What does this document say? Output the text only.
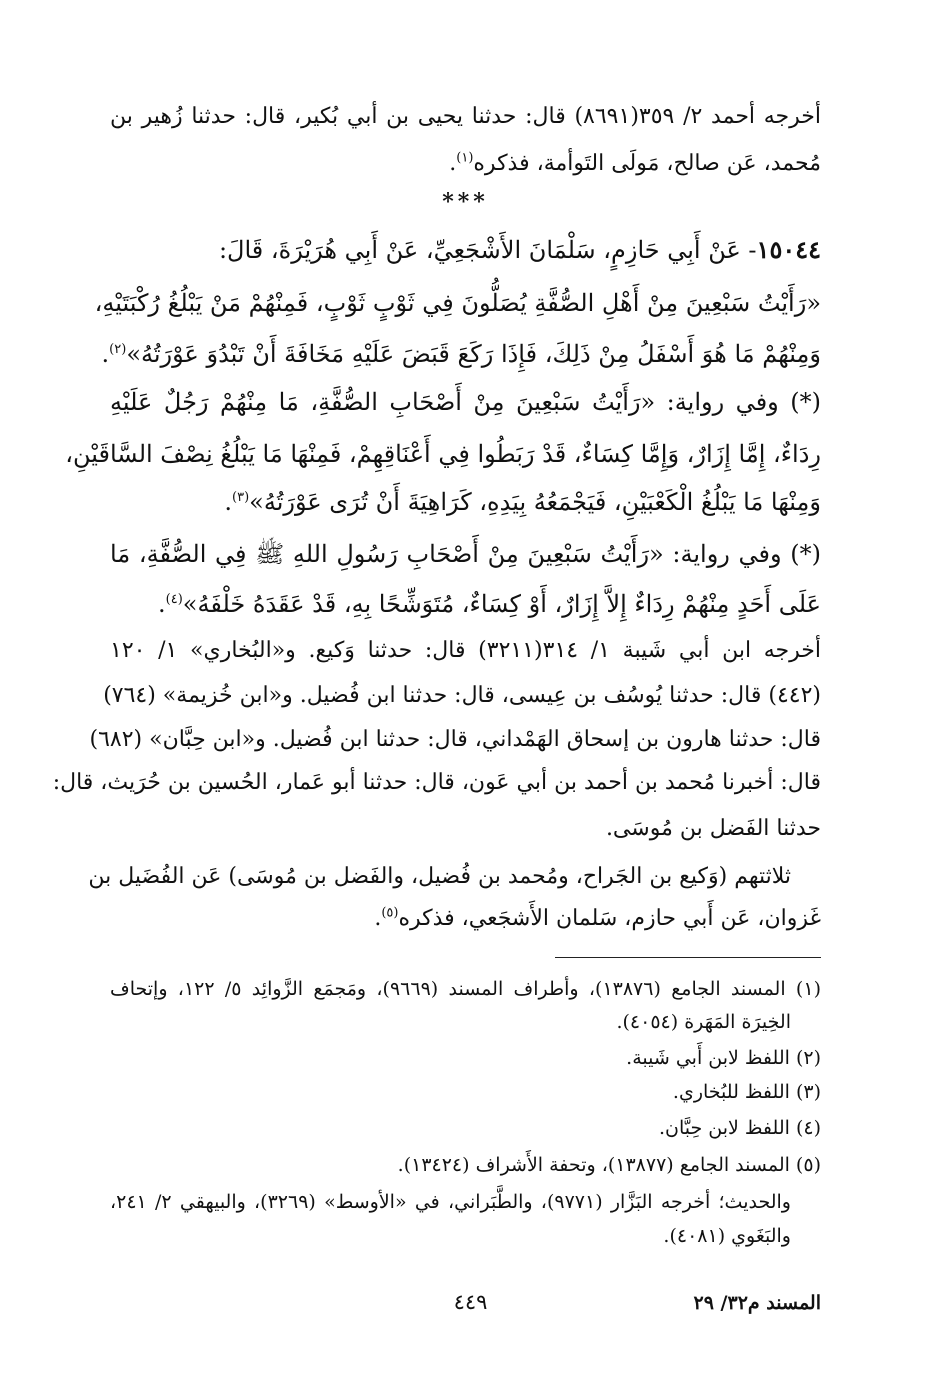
أخرجه أحمد ٢/ ٣٥٩(٨٦٩١) قال: حدثنا يحيى بن أبي بُكير، قال: حدثنا زُهير بن
مُحمد، عَن صالح، مَولَى التَوأمة، فذكره$^{(١)}$.
***
١٥٠٤٤- عَنْ أَبِي حَازِمٍ، سَلْمَانَ الأَشْجَعِيِّ، عَنْ أَبِي هُرَيْرَةَ، قَالَ:
«رَأَيْتُ سَبْعِينَ مِنْ أَهْلِ الصُّفَّةِ يُصَلُّونَ فِي ثَوْبٍ ثَوْبٍ، فَمِنْهُمْ مَنْ يَبْلُغُ رُكْبَتَيْهِ،
وَمِنْهُمْ مَا هُوَ أَسْفَلُ مِنْ ذَلِكَ، فَإِذَا رَكَعَ قَبَضَ عَلَيْهِ مَخَافَةَ أَنْ تَبْدُوَ عَوْرَتُهُ»$^{(٢)}$.
(*) وفي رواية: «رَأَيْتُ سَبْعِينَ مِنْ أَصْحَابِ الصُّفَّةِ، مَا مِنْهُمْ رَجُلٌ عَلَيْهِ
رِدَاءٌ، إِمَّا إِزَارٌ، وَإِمَّا كِسَاءٌ، قَدْ رَبَطُوا فِي أَعْنَاقِهِمْ، فَمِنْهَا مَا يَبْلُغُ نِصْفَ السَّاقَيْنِ،
وَمِنْهَا مَا يَبْلُغُ الْكَعْبَيْنِ، فَيَجْمَعُهُ بِيَدِهِ، كَرَاهِيَةَ أَنْ تُرَى عَوْرَتُهُ»$^{(٣)}$.
(*) وفي رواية: «رَأَيْتُ سَبْعِينَ مِنْ أَصْحَابِ رَسُولِ اللهِ ﷺ فِي الصُّفَّةِ، مَا
عَلَى أَحَدٍ مِنْهُمْ رِدَاءٌ إِلاَّ إِزَارٌ، أَوْ كِسَاءٌ، مُتَوَشِّحًا بِهِ، قَدْ عَقَدَهُ خَلْفَهُ»$^{(٤)}$.
أخرجه ابن أبي شَيبة ١/ ٣١٤(٣٢١١) قال: حدثنا وَكيع. و«البُخاري» ١/ ١٢٠
(٤٤٢) قال: حدثنا يُوسُف بن عِيسى، قال: حدثنا ابن فُضيل. و«ابن خُزيمة» (٧٦٤)
قال: حدثنا هارون بن إسحاق الهَمْداني، قال: حدثنا ابن فُضيل. و«ابن حِبَّان» (٦٨٢)
قال: أخبرنا مُحمد بن أحمد بن أبي عَون، قال: حدثنا أبو عَمار، الحُسين بن حُرَيث، قال:
حدثنا الفَضل بن مُوسَى.
ثلاثتهم (وَكيع بن الجَراح، ومُحمد بن فُضيل، والفَضل بن مُوسَى) عَن الفُضَيل بن
غَزوان، عَن أَبي حازم، سَلمان الأَشجَعي، فذكره$^{(٥)}$.
(١) المسند الجامع (١٣٨٧٦)، وأطراف المسند (٩٦٦٩)، ومَجمَع الزَّوائِد ٥/ ١٢٢، وإتحاف
الخِيرَة المَهَرة (٤٠٥٤).
(٢) اللفظ لابن أَبي شَيبة.
(٣) اللفظ للبُخاري.
(٤) اللفظ لابن حِبَّان.
(٥) المسند الجامع (١٣٨٧٧)، وتحفة الأَشراف (١٣٤٢٤).
والحديث؛ أخرجه البَزَّار (٩٧٧١)، والطَّبَراني، في «الأوسط» (٣٢٦٩)، والبيهقي ٢/ ٢٤١،
والبَغَوي (٤٠٨١).
٤٤٩	المسند م٣٢/ ٢٩
